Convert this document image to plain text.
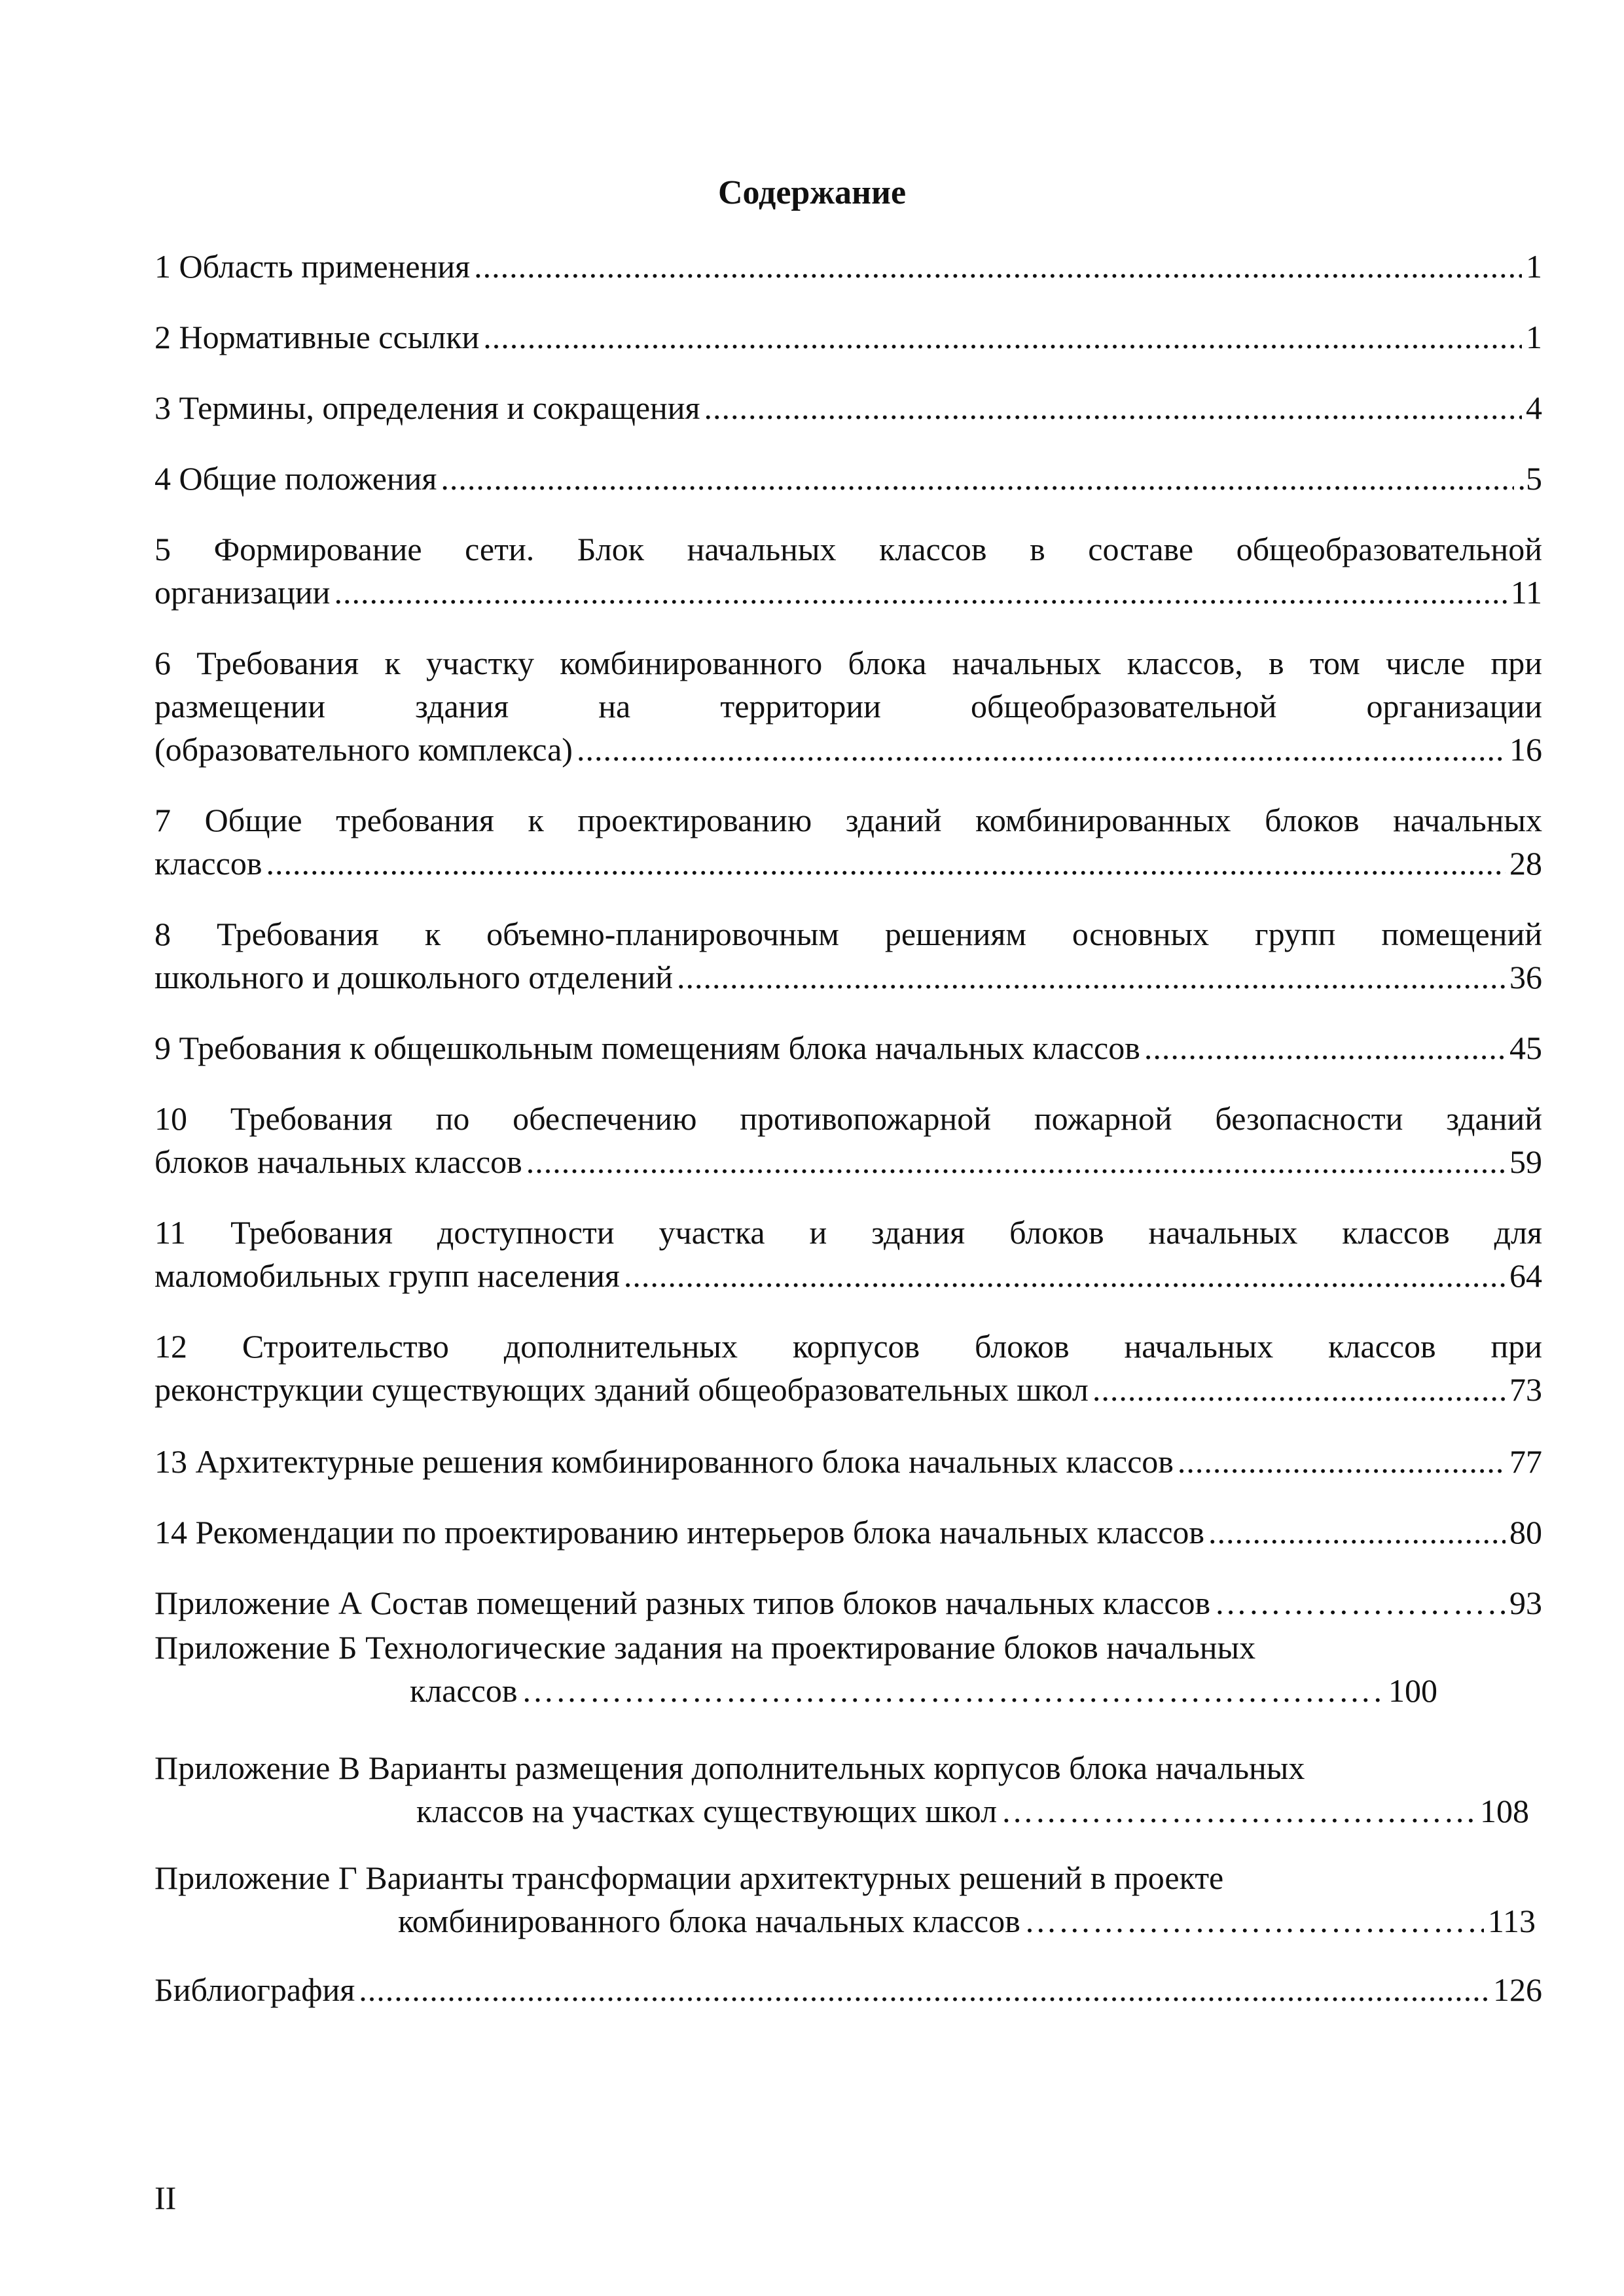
Содержание
1 Область применения .....	1
2 Нормативные ссылки .....	1
3 Термины, определения и сокращения .....	4
4 Общие положения .....	.5
5 Формирование сети. Блок начальных классов в составе общеобразовательной
организации .....	11
6 Требования к участку комбинированного блока начальных классов, в том числе при
размещении здания на территории общеобразовательной организации
(образовательного комплекса) .....	16
7 Общие требования к проектированию зданий комбинированных блоков начальных
классов .....	28
8 Требования к объемно-планировочным решениям основных групп помещений
школьного и дошкольного отделений .....	36
9 Требования к общешкольным помещениям блока начальных классов .....	45
10 Требования по обеспечению противопожарной пожарной безопасности зданий
блоков начальных классов .....	59
11 Требования доступности участка и здания блоков начальных классов для
маломобильных групп населения .....	64
12 Строительство дополнительных корпусов блоков начальных классов при
реконструкции существующих зданий общеобразовательных школ .....	73
13 Архитектурные решения комбинированного блока начальных классов .....	77
14 Рекомендации по проектированию интерьеров блока начальных классов .....	80
Приложение А Состав помещений разных типов блоков начальных классов ………………………………………………………………………………………………………………………………………………………………………………………………………………	93
Приложение Б Технологические задания на проектирование блоков начальных
классов ………………………………………………………………………………………………………………………………………………………………………………………………………………	100
Приложение В Варианты размещения дополнительных корпусов блока начальных
классов на участках существующих школ ………………………………………………………………………………………………………………………………………………………………………………………………………………	108
Приложение Г Варианты трансформации архитектурных решений в проекте
комбинированного блока начальных классов ………………………………………………………………………………………………………………………………………………………………………………………………………………	113
Библиография .....	126
II
